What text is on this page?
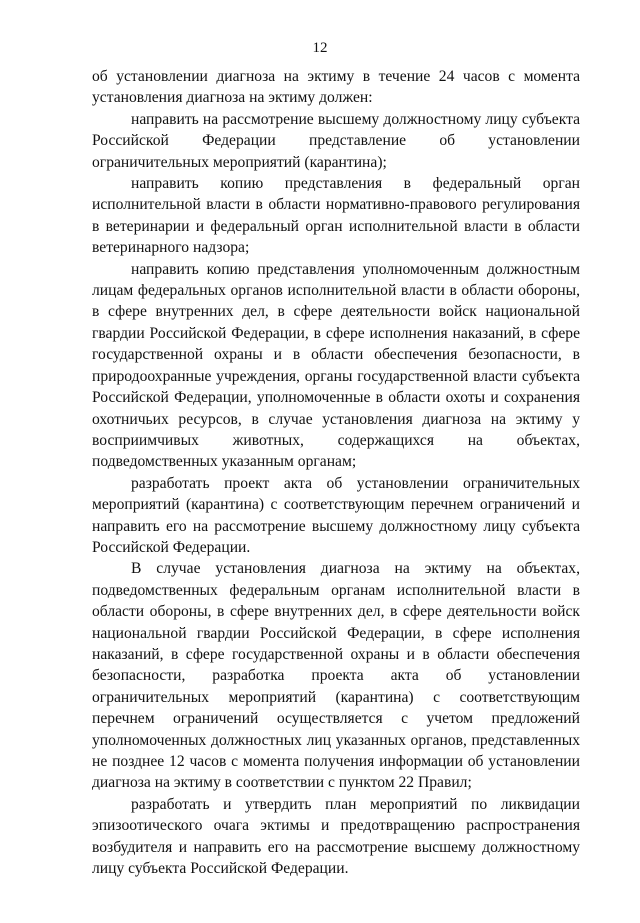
12

об установлении диагноза на эктиму в течение 24 часов с момента установления диагноза на эктиму должен:

направить на рассмотрение высшему должностному лицу субъекта Российской Федерации представление об установлении ограничительных мероприятий (карантина);

направить копию представления в федеральный орган исполнительной власти в области нормативно-правового регулирования в ветеринарии и федеральный орган исполнительной власти в области ветеринарного надзора;

направить копию представления уполномоченным должностным лицам федеральных органов исполнительной власти в области обороны, в сфере внутренних дел, в сфере деятельности войск национальной гвардии Российской Федерации, в сфере исполнения наказаний, в сфере государственной охраны и в области обеспечения безопасности, в природоохранные учреждения, органы государственной власти субъекта Российской Федерации, уполномоченные в области охоты и сохранения охотничьих ресурсов, в случае установления диагноза на эктиму у восприимчивых животных, содержащихся на объектах, подведомственных указанным органам;

разработать проект акта об установлении ограничительных мероприятий (карантина) с соответствующим перечнем ограничений и направить его на рассмотрение высшему должностному лицу субъекта Российской Федерации.

В случае установления диагноза на эктиму на объектах, подведомственных федеральным органам исполнительной власти в области обороны, в сфере внутренних дел, в сфере деятельности войск национальной гвардии Российской Федерации, в сфере исполнения наказаний, в сфере государственной охраны и в области обеспечения безопасности, разработка проекта акта об установлении ограничительных мероприятий (карантина) с соответствующим перечнем ограничений осуществляется с учетом предложений уполномоченных должностных лиц указанных органов, представленных не позднее 12 часов с момента получения информации об установлении диагноза на эктиму в соответствии с пунктом 22 Правил;

разработать и утвердить план мероприятий по ликвидации эпизоотического очага эктимы и предотвращению распространения возбудителя и направить его на рассмотрение высшему должностному лицу субъекта Российской Федерации.
